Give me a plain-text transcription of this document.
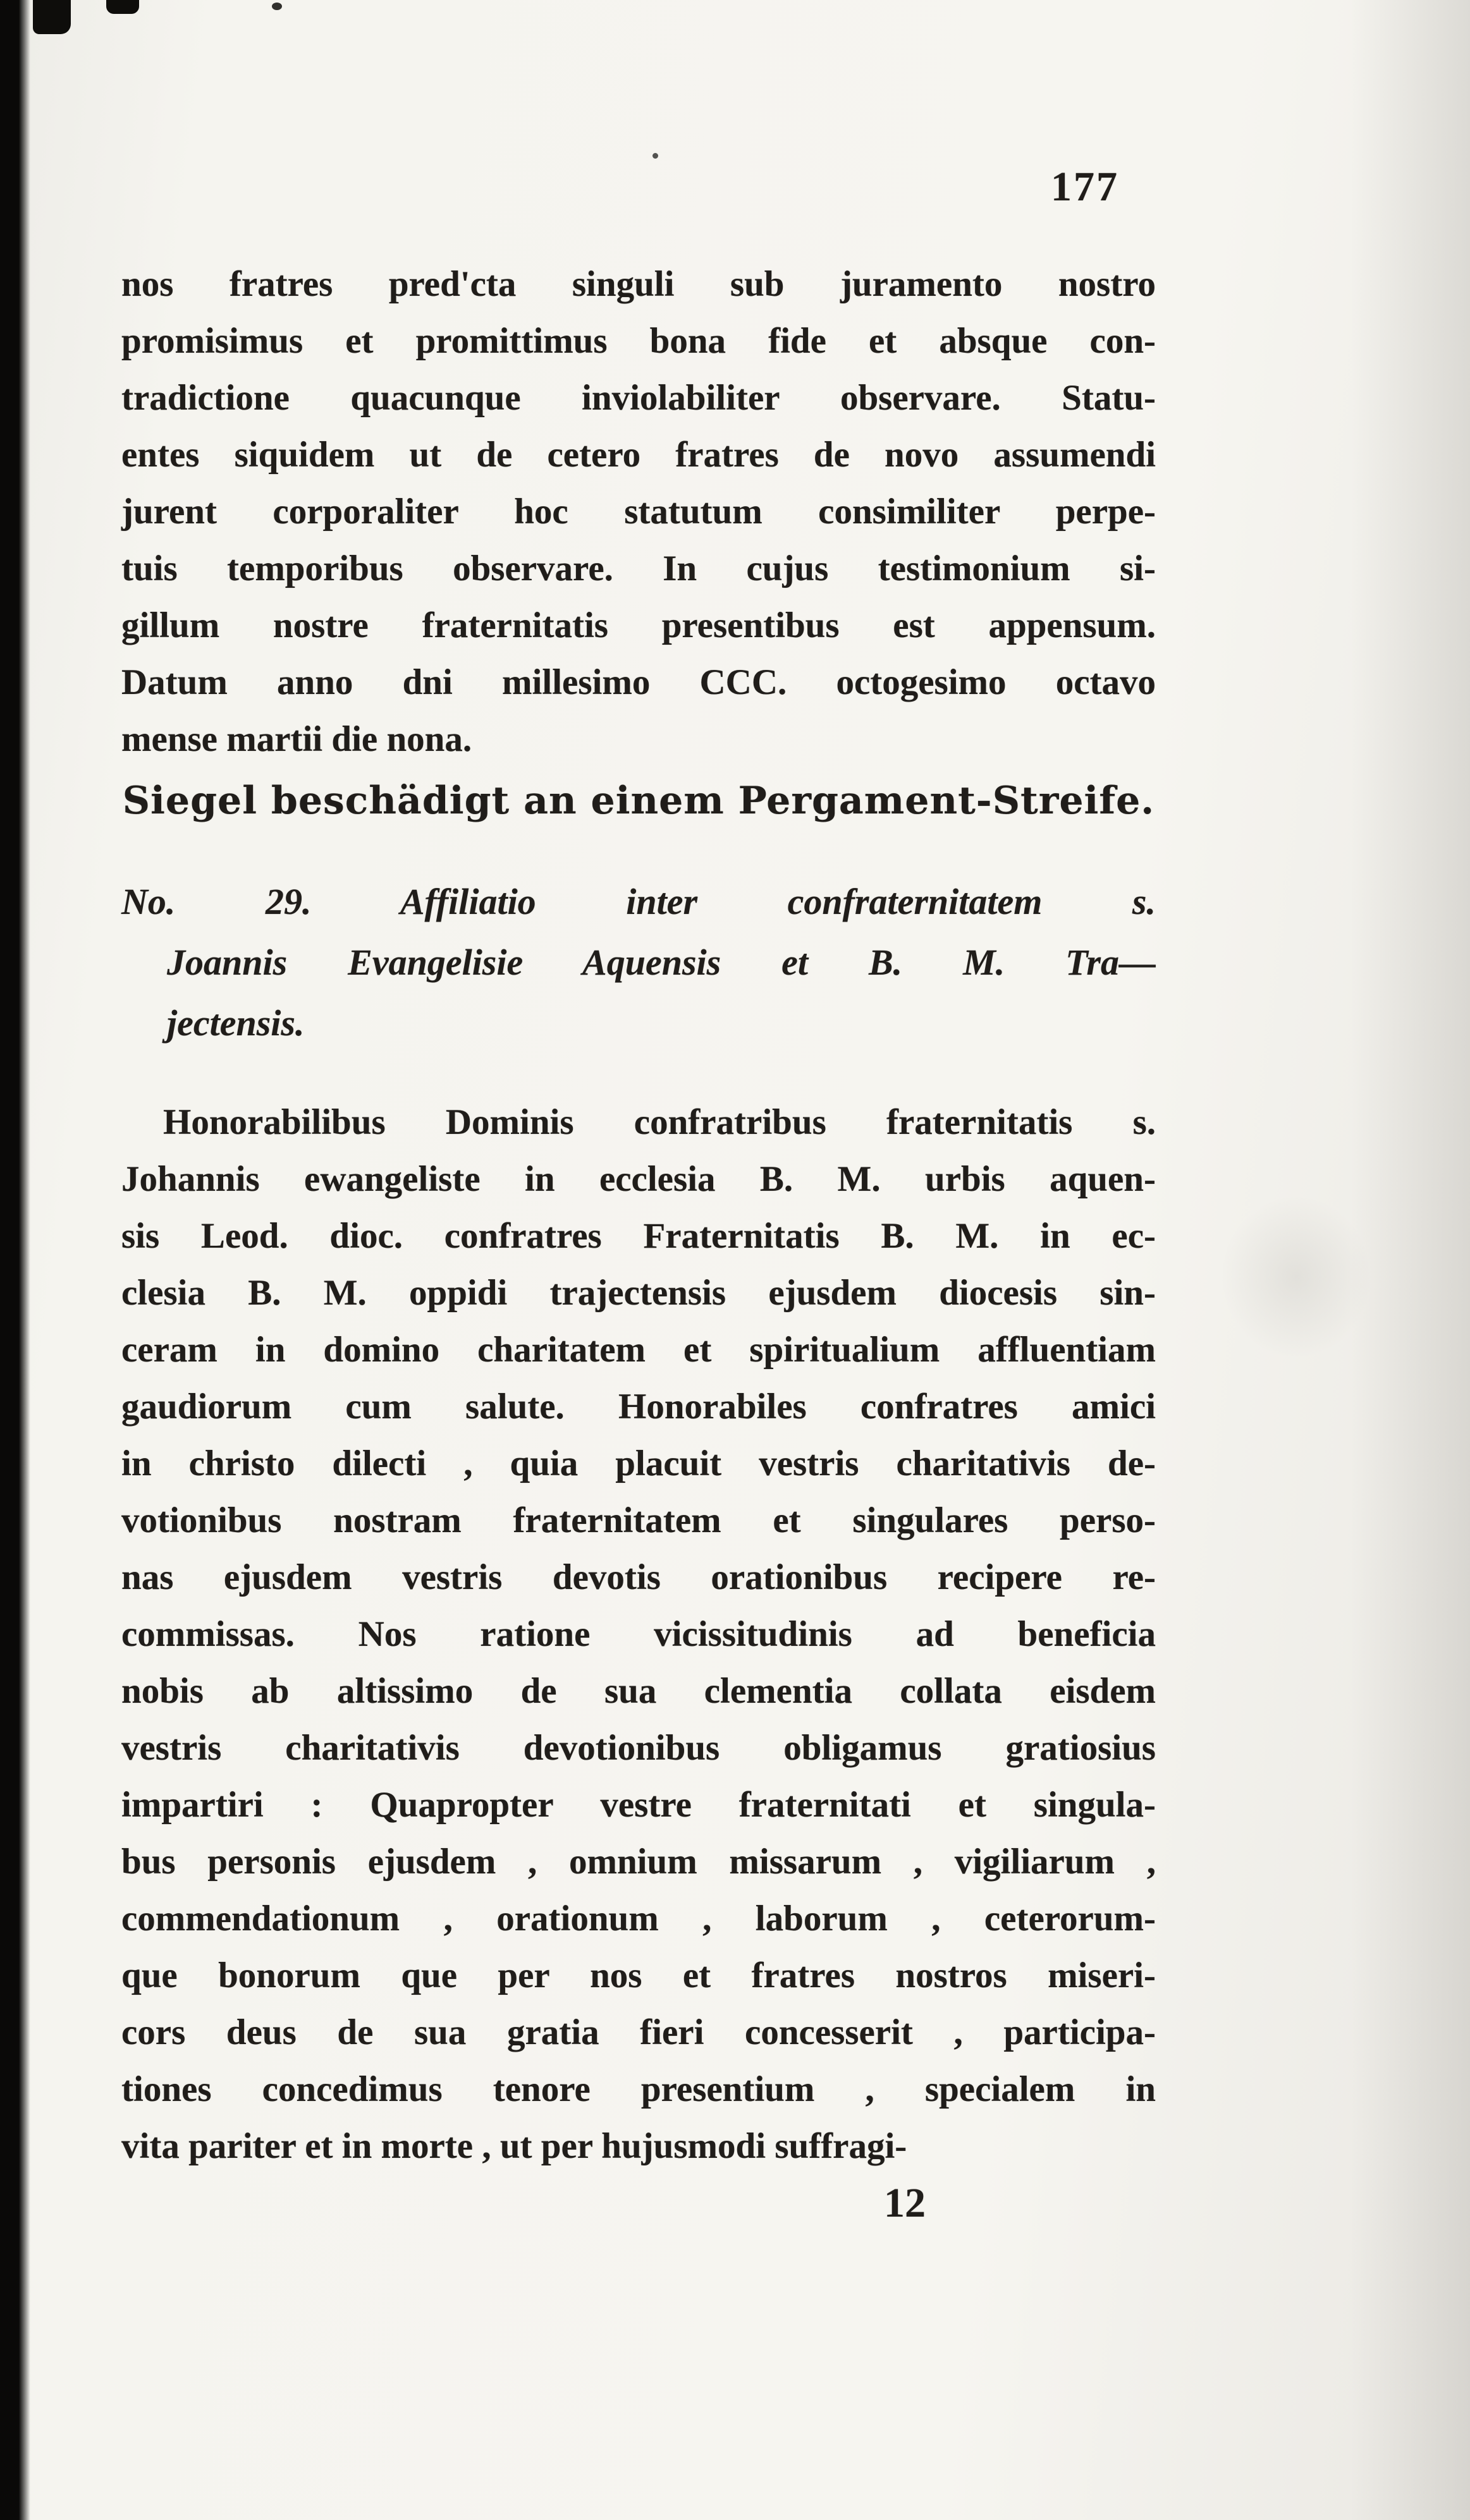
177
nos fratres pred'cta singuli sub juramento nostro
promisimus et promittimus bona fide et absque con-
tradictione quacunque inviolabiliter observare. Statu-
entes siquidem ut de cetero fratres de novo assumendi
jurent corporaliter hoc statutum consimiliter perpe-
tuis temporibus observare. In cujus testimonium si-
gillum nostre fraternitatis presentibus est appensum.
Datum anno dni millesimo CCC. octogesimo octavo
mense martii die nona.
Siegel beschädigt an einem Pergament-Streife.
No. 29. Affiliatio inter confraternitatem s.
Joannis Evangelisie Aquensis et B. M. Tra—
jectensis.
Honorabilibus Dominis confratribus fraternitatis s.
Johannis ewangeliste in ecclesia B. M. urbis aquen-
sis Leod. dioc. confratres Fraternitatis B. M. in ec-
clesia B. M. oppidi trajectensis ejusdem diocesis sin-
ceram in domino charitatem et spiritualium affluentiam
gaudiorum cum salute. Honorabiles confratres amici
in christo dilecti , quia placuit vestris charitativis de-
votionibus nostram fraternitatem et singulares perso-
nas ejusdem vestris devotis orationibus recipere re-
commissas. Nos ratione vicissitudinis ad beneficia
nobis ab altissimo de sua clementia collata eisdem
vestris charitativis devotionibus obligamus gratiosius
impartiri : Quapropter vestre fraternitati et singula-
bus personis ejusdem , omnium missarum , vigiliarum ,
commendationum , orationum , laborum , ceterorum-
que bonorum que per nos et fratres nostros miseri-
cors deus de sua gratia fieri concesserit , participa-
tiones concedimus tenore presentium , specialem in
vita pariter et in morte , ut per hujusmodi suffragi-
12
